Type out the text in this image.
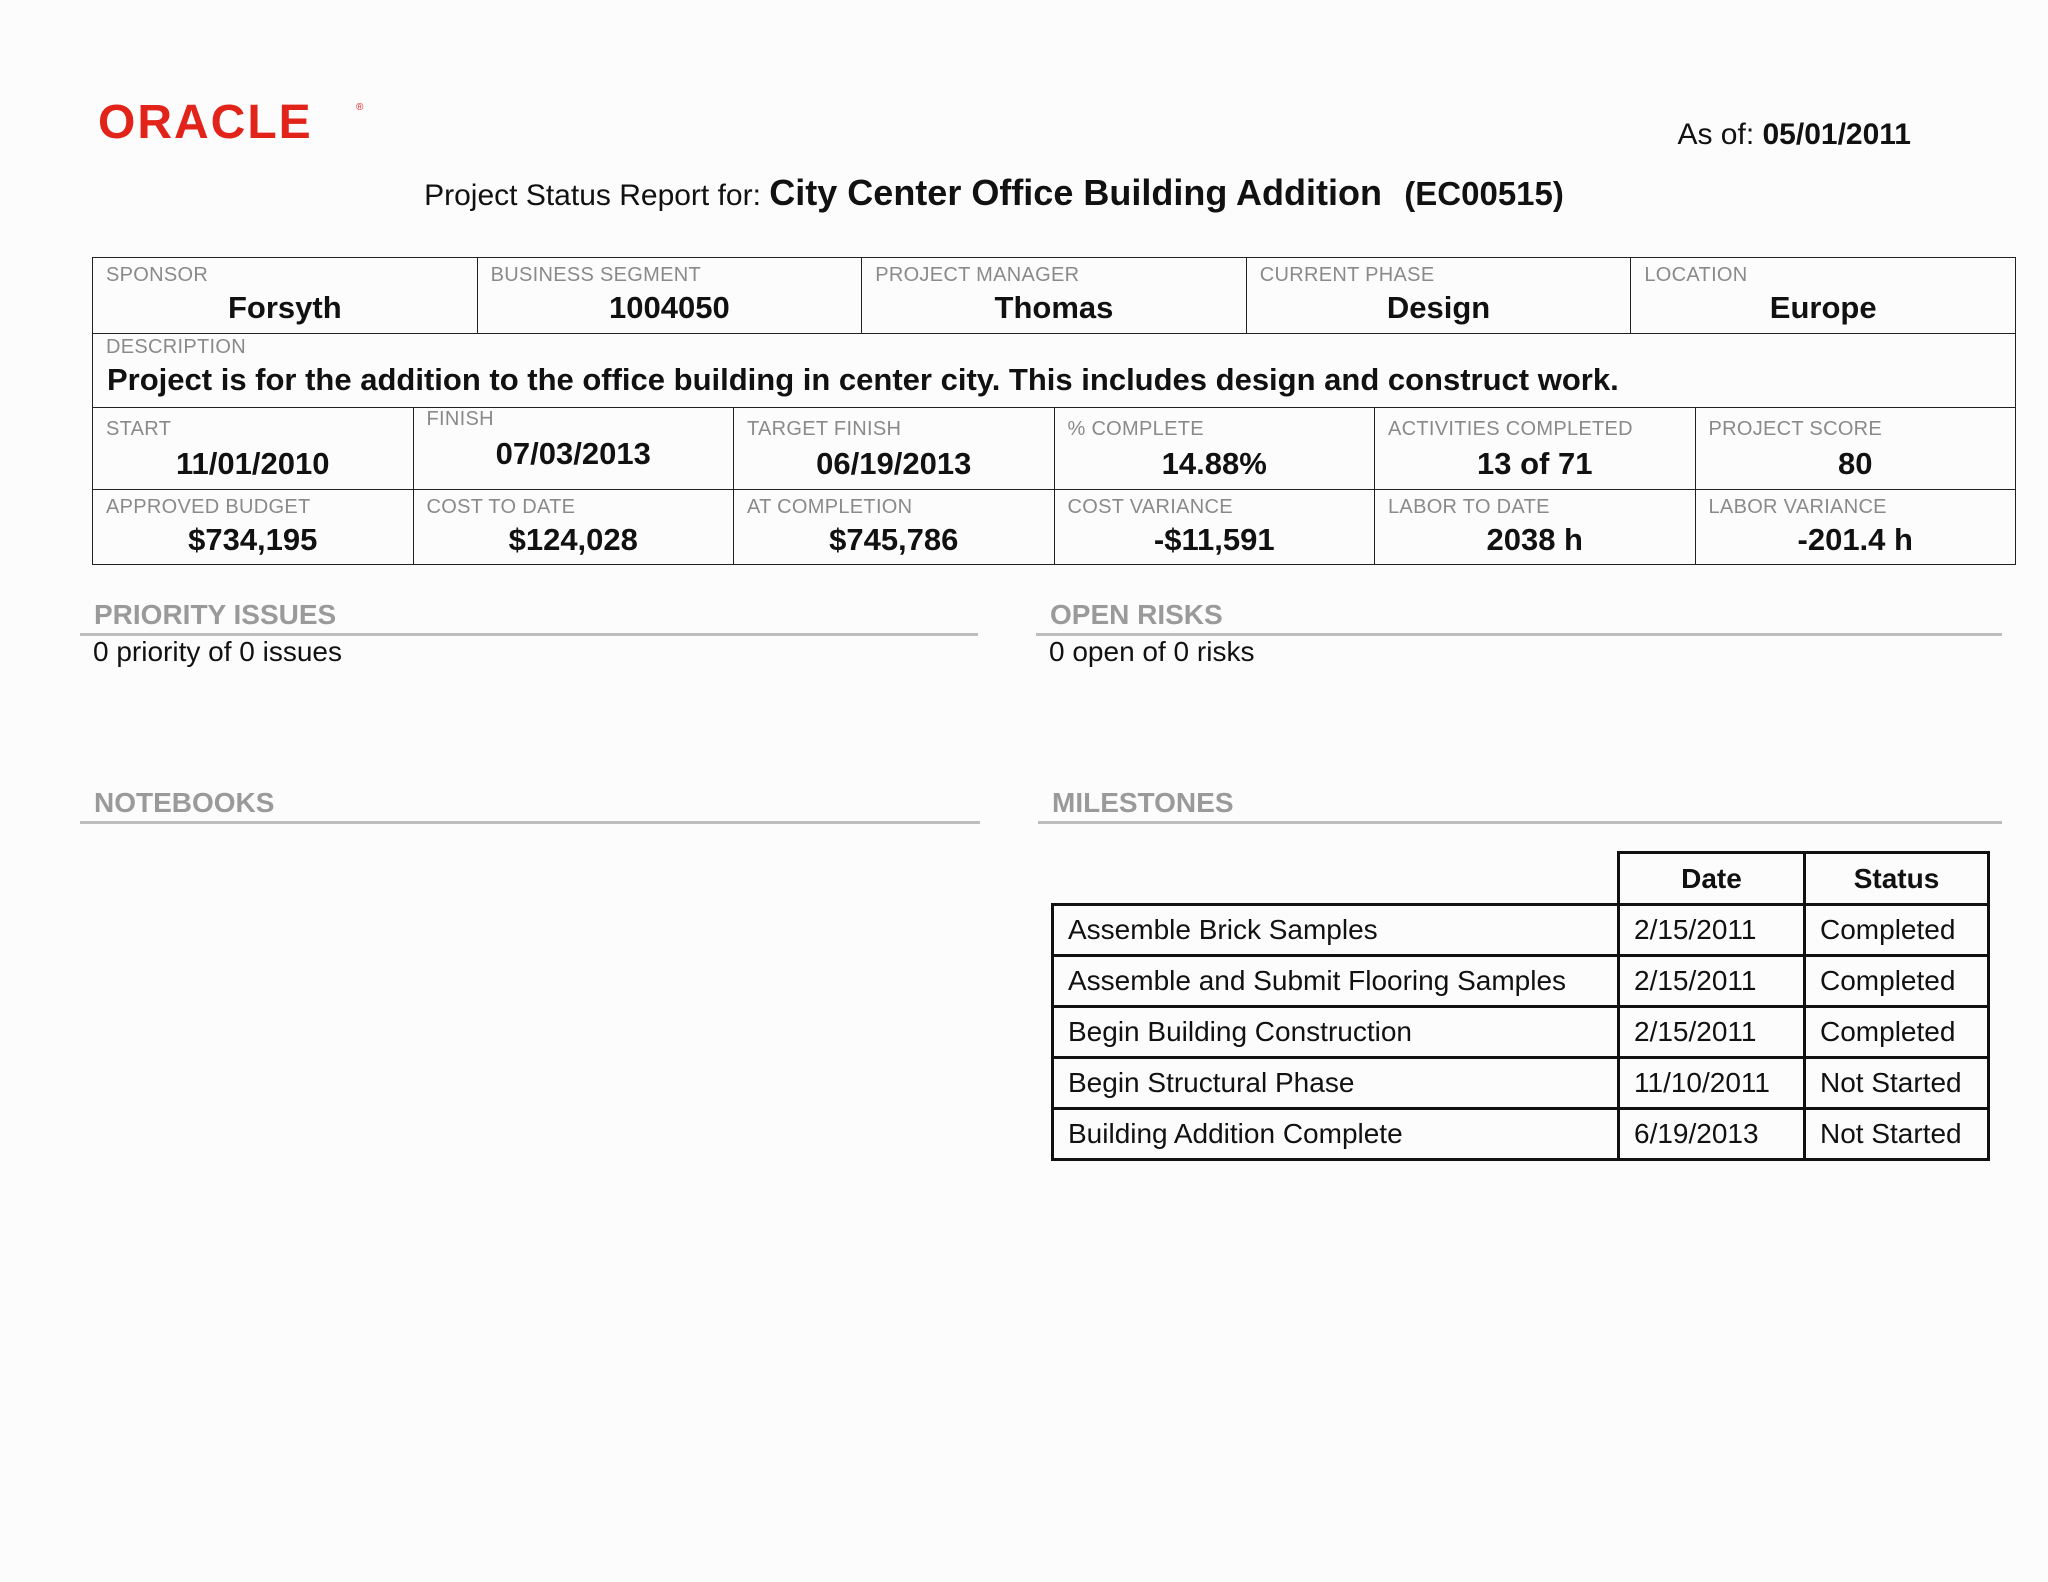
ORACLE	®
As of: 05/01/2011
Project Status Report for: City Center Office Building Addition (EC00515)
SPONSOR
Forsyth
BUSINESS SEGMENT
1004050
PROJECT MANAGER
Thomas
CURRENT PHASE
Design
LOCATION
Europe
DESCRIPTION
Project is for the addition to the office building in center city. This includes design and construct work.
START
11/01/2010
FINISH
07/03/2013
TARGET FINISH
06/19/2013
% COMPLETE
14.88%
ACTIVITIES COMPLETED
13 of 71
PROJECT SCORE
80
APPROVED BUDGET
$734,195
COST TO DATE
$124,028
AT COMPLETION
$745,786
COST VARIANCE
-$11,591
LABOR TO DATE
2038 h
LABOR VARIANCE
-201.4 h
PRIORITY ISSUES
0 priority of 0 issues
OPEN RISKS
0 open of 0 risks
NOTEBOOKS	MILESTONES
	Date	Status
Assemble Brick Samples	2/15/2011	Completed
Assemble and Submit Flooring Samples	2/15/2011	Completed
Begin Building Construction	2/15/2011	Completed
Begin Structural Phase	11/10/2011	Not Started
Building Addition Complete	6/19/2013	Not Started
